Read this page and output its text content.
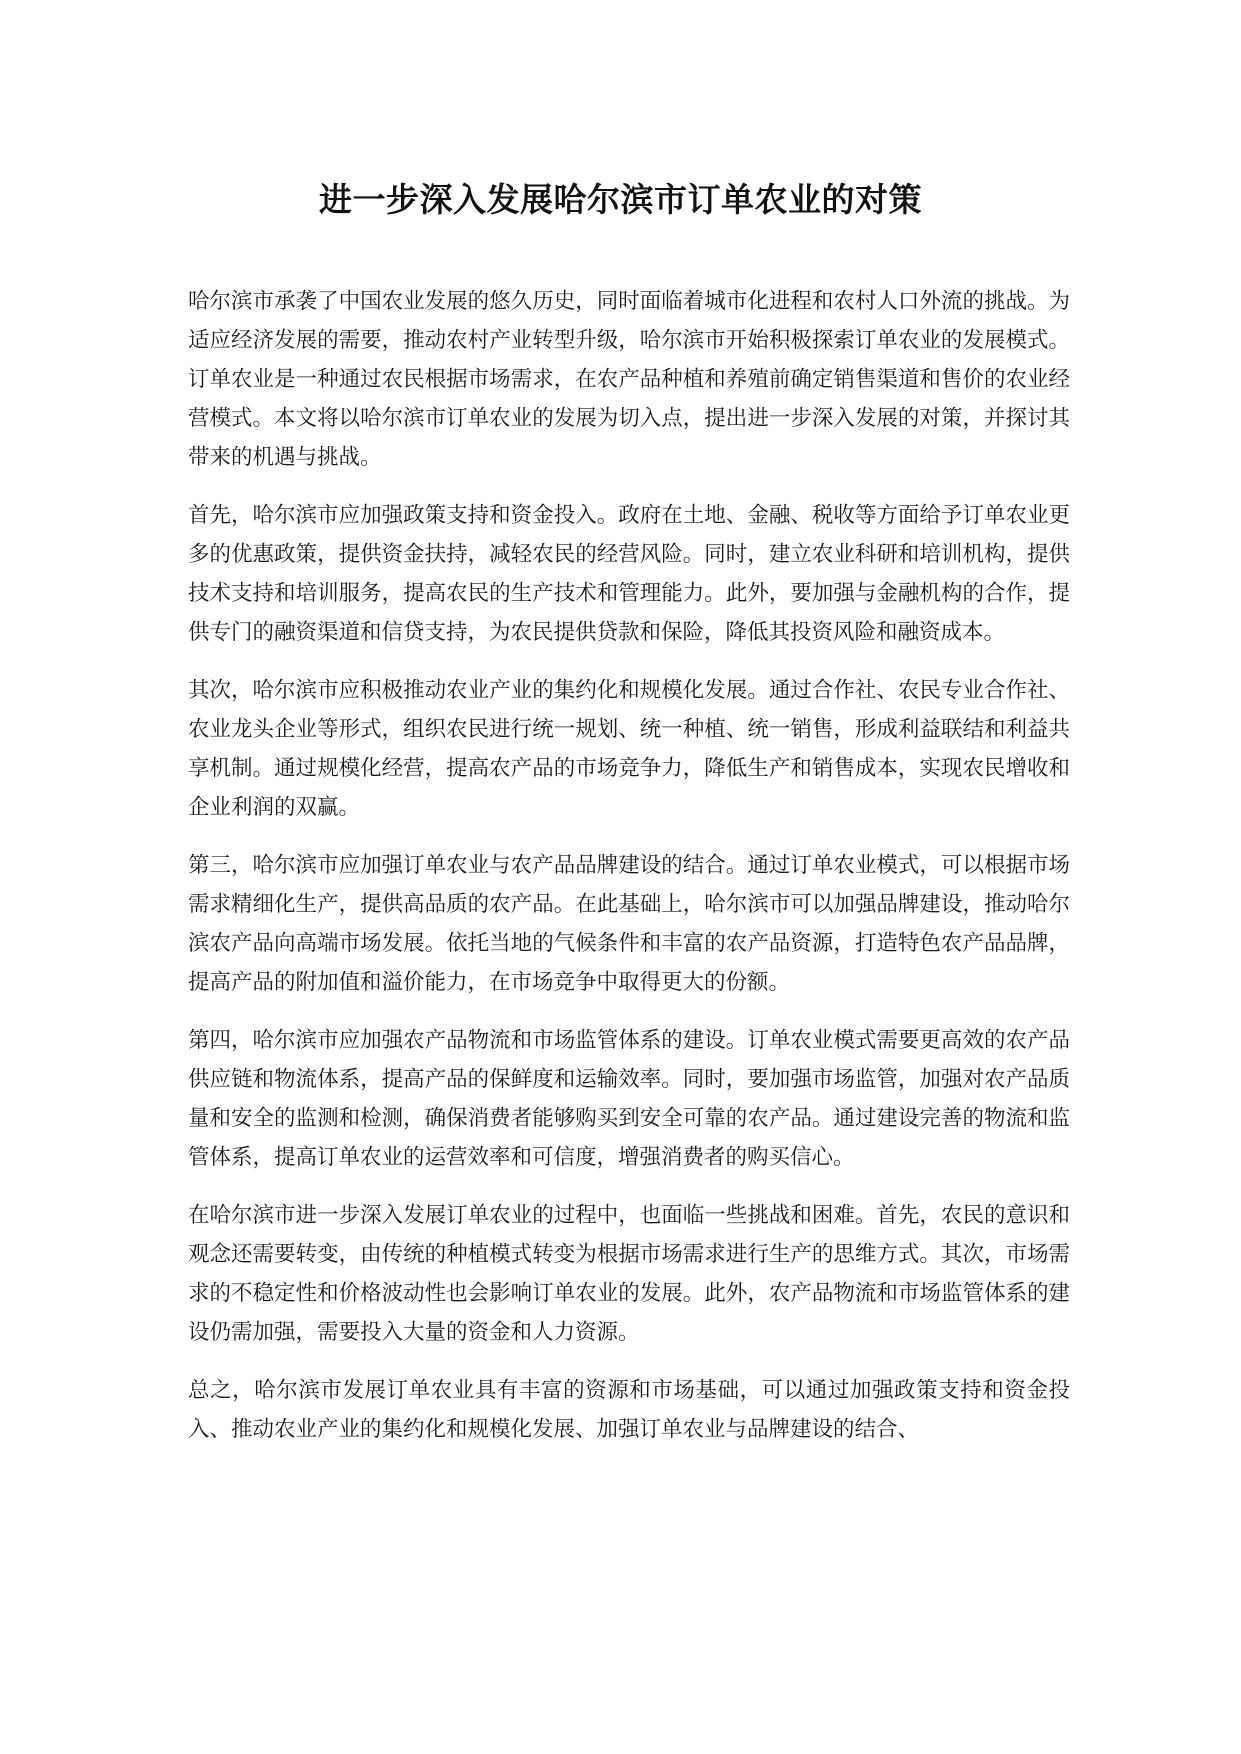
进一步深入发展哈尔滨市订单农业的对策

哈尔滨市承袭了中国农业发展的悠久历史，同时面临着城市化进程和农村人口外流的挑战。为适应经济发展的需要，推动农村产业转型升级，哈尔滨市开始积极探索订单农业的发展模式。订单农业是一种通过农民根据市场需求，在农产品种植和养殖前确定销售渠道和售价的农业经营模式。本文将以哈尔滨市订单农业的发展为切入点，提出进一步深入发展的对策，并探讨其带来的机遇与挑战。

首先，哈尔滨市应加强政策支持和资金投入。政府在土地、金融、税收等方面给予订单农业更多的优惠政策，提供资金扶持，减轻农民的经营风险。同时，建立农业科研和培训机构，提供技术支持和培训服务，提高农民的生产技术和管理能力。此外，要加强与金融机构的合作，提供专门的融资渠道和信贷支持，为农民提供贷款和保险，降低其投资风险和融资成本。

其次，哈尔滨市应积极推动农业产业的集约化和规模化发展。通过合作社、农民专业合作社、农业龙头企业等形式，组织农民进行统一规划、统一种植、统一销售，形成利益联结和利益共享机制。通过规模化经营，提高农产品的市场竞争力，降低生产和销售成本，实现农民增收和企业利润的双赢。

第三，哈尔滨市应加强订单农业与农产品品牌建设的结合。通过订单农业模式，可以根据市场需求精细化生产，提供高品质的农产品。在此基础上，哈尔滨市可以加强品牌建设，推动哈尔滨农产品向高端市场发展。依托当地的气候条件和丰富的农产品资源，打造特色农产品品牌，提高产品的附加值和溢价能力，在市场竞争中取得更大的份额。

第四，哈尔滨市应加强农产品物流和市场监管体系的建设。订单农业模式需要更高效的农产品供应链和物流体系，提高产品的保鲜度和运输效率。同时，要加强市场监管，加强对农产品质量和安全的监测和检测，确保消费者能够购买到安全可靠的农产品。通过建设完善的物流和监管体系，提高订单农业的运营效率和可信度，增强消费者的购买信心。

在哈尔滨市进一步深入发展订单农业的过程中，也面临一些挑战和困难。首先，农民的意识和观念还需要转变，由传统的种植模式转变为根据市场需求进行生产的思维方式。其次，市场需求的不稳定性和价格波动性也会影响订单农业的发展。此外，农产品物流和市场监管体系的建设仍需加强，需要投入大量的资金和人力资源。

总之，哈尔滨市发展订单农业具有丰富的资源和市场基础，可以通过加强政策支持和资金投入、推动农业产业的集约化和规模化发展、加强订单农业与品牌建设的结合、
